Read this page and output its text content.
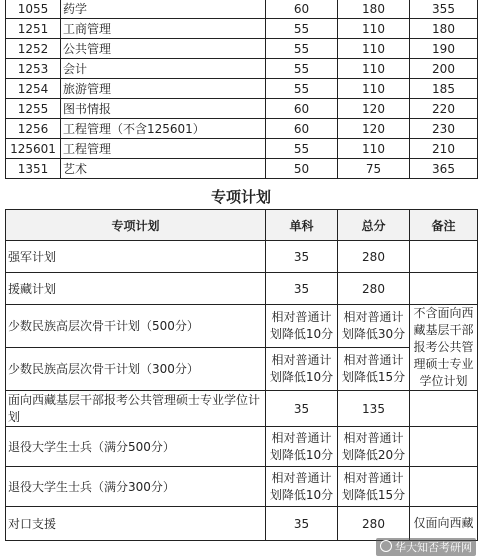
1055	药学	60	180	355
1251	工商管理	55	110	180
1252	公共管理	55	110	190
1253	会计	55	110	200
1254	旅游管理	55	110	185
1255	图书情报	60	120	220
1256	工程管理（不含125601）	60	120	230
125601	工程管理	55	110	210
1351	艺术	50	75	365
专项计划
专项计划	单科	总分	备注
强军计划	35	280	
援藏计划	35	280	
少数民族高层次骨干计划（500分）	相对普通计划降低10分	相对普通计划降低30分	不含面向西藏基层干部报考公共管理硕士专业学位计划
少数民族高层次骨干计划（300分）	相对普通计划降低10分	相对普通计划降低15分	
面向西藏基层干部报考公共管理硕士专业学位计划	35	135	
退役大学生士兵（满分500分）	相对普通计划降低10分	相对普通计划降低20分	
退役大学生士兵（满分300分）	相对普通计划降低10分	相对普通计划降低15分	
对口支援	35	280	仅面向西藏
华大知否考研网
